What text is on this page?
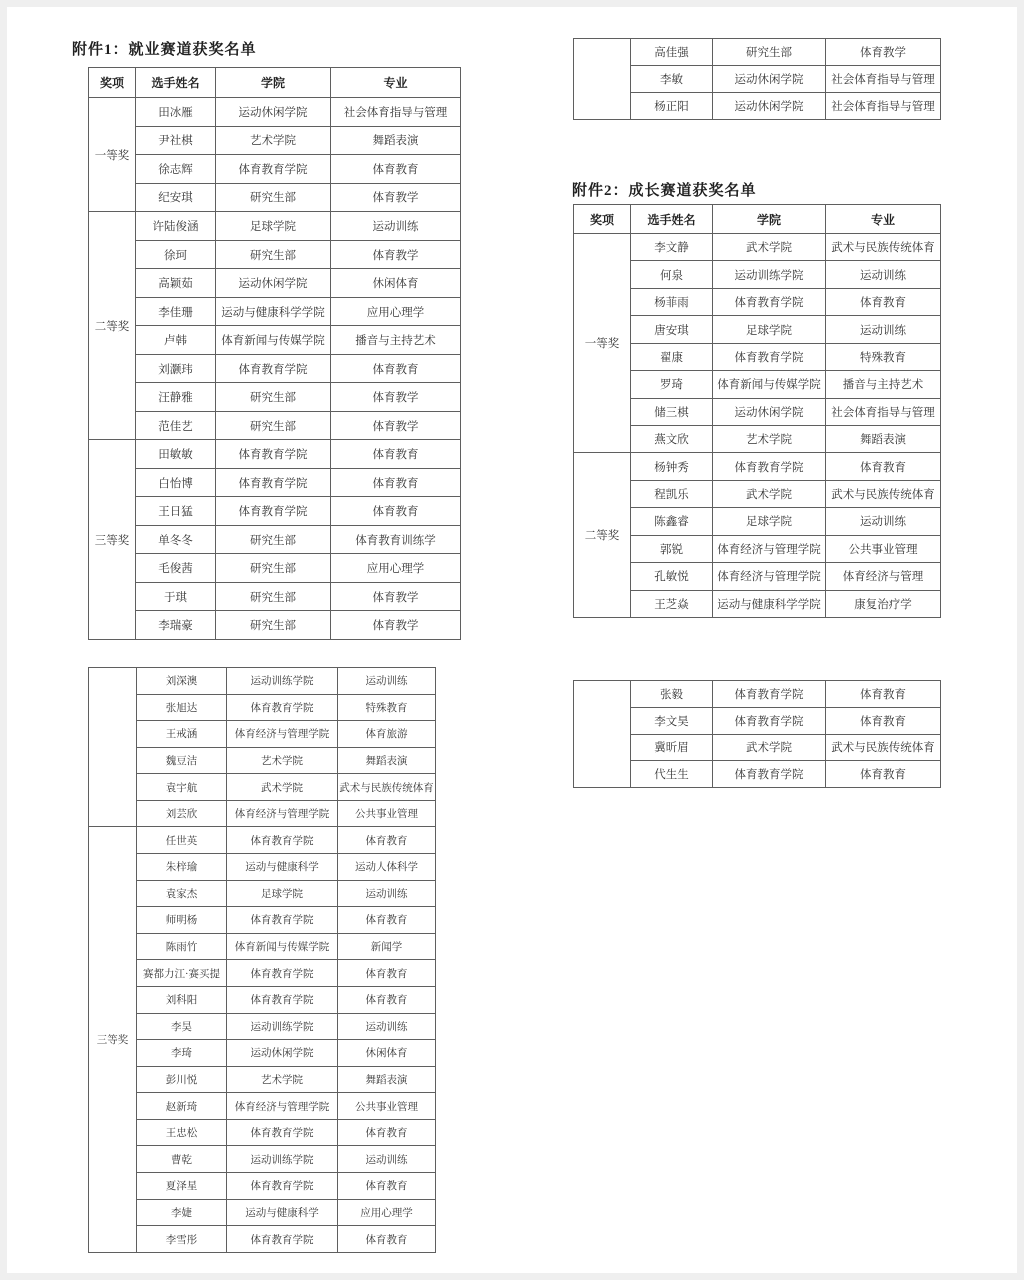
附件1：就业赛道获奖名单
奖项	选手姓名	学院	专业
一等奖	田冰雁	运动休闲学院	社会体育指导与管理
	尹社棋	艺术学院	舞蹈表演
	徐志辉	体育教育学院	体育教育
	纪安琪	研究生部	体育教学
二等奖	许陆俊涵	足球学院	运动训练
	徐珂	研究生部	体育教学
	高颖茹	运动休闲学院	休闲体育
	李佳珊	运动与健康科学学院	应用心理学
	卢韩	体育新闻与传媒学院	播音与主持艺术
	刘灏玮	体育教育学院	体育教育
	汪静雅	研究生部	体育教学
	范佳艺	研究生部	体育教学
三等奖	田敏敏	体育教育学院	体育教育
	白怡博	体育教育学院	体育教育
	王日猛	体育教育学院	体育教育
	单冬冬	研究生部	体育教育训练学
	毛俊茜	研究生部	应用心理学
	于琪	研究生部	体育教学
	李瑞豪	研究生部	体育教学
	高佳强	研究生部	体育教学
	李敏	运动休闲学院	社会体育指导与管理
	杨正阳	运动休闲学院	社会体育指导与管理
附件2：成长赛道获奖名单
奖项	选手姓名	学院	专业
一等奖	李文静	武术学院	武术与民族传统体育
	何泉	运动训练学院	运动训练
	杨菲雨	体育教育学院	体育教育
	唐安琪	足球学院	运动训练
	翟康	体育教育学院	特殊教育
	罗琦	体育新闻与传媒学院	播音与主持艺术
	储三棋	运动休闲学院	社会体育指导与管理
	燕文欣	艺术学院	舞蹈表演
二等奖	杨钟秀	体育教育学院	体育教育
	程凯乐	武术学院	武术与民族传统体育
	陈鑫睿	足球学院	运动训练
	郭锐	体育经济与管理学院	公共事业管理
	孔敏悦	体育经济与管理学院	体育经济与管理
	王芝焱	运动与健康科学学院	康复治疗学
	刘深澳	运动训练学院	运动训练
	张旭达	体育教育学院	特殊教育
	王戒涵	体育经济与管理学院	体育旅游
	魏豆洁	艺术学院	舞蹈表演
	袁宇航	武术学院	武术与民族传统体育
	刘芸欣	体育经济与管理学院	公共事业管理
三等奖	任世英	体育教育学院	体育教育
	朱梓瑜	运动与健康科学	运动人体科学
	袁家杰	足球学院	运动训练
	师明杨	体育教育学院	体育教育
	陈雨竹	体育新闻与传媒学院	新闻学
	赛都力江·赛买提	体育教育学院	体育教育
	刘科阳	体育教育学院	体育教育
	李昊	运动训练学院	运动训练
	李琦	运动休闲学院	休闲体育
	彭川悦	艺术学院	舞蹈表演
	赵新琦	体育经济与管理学院	公共事业管理
	王忠松	体育教育学院	体育教育
	曹乾	运动训练学院	运动训练
	夏泽星	体育教育学院	体育教育
	李婕	运动与健康科学	应用心理学
	李雪彤	体育教育学院	体育教育
	张毅	体育教育学院	体育教育
	李文昊	体育教育学院	体育教育
	冀昕眉	武术学院	武术与民族传统体育
	代生生	体育教育学院	体育教育
